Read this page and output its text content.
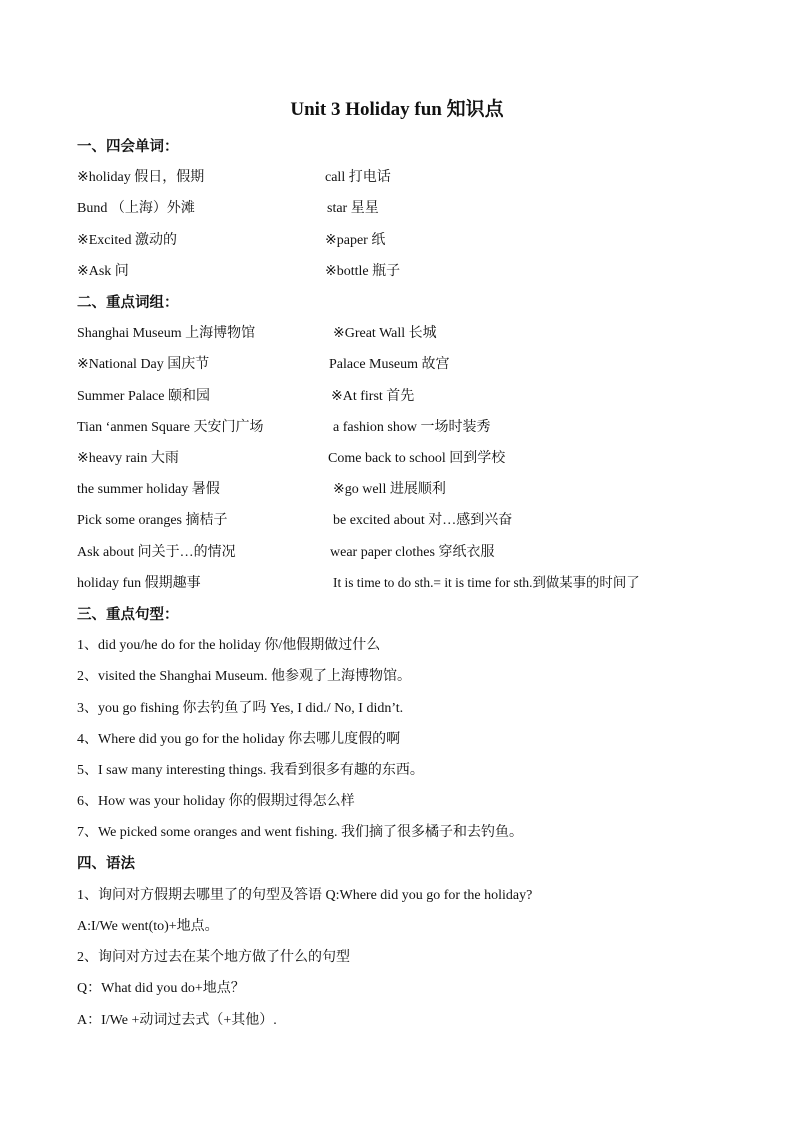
Unit 3 Holiday fun 知识点
一、四会单词：
※holiday 假日，假期	call 打电话
Bund （上海）外滩	star 星星
※Excited 激动的	※paper 纸
※Ask 问	※bottle 瓶子
二、重点词组：
Shanghai Museum 上海博物馆	※Great Wall 长城
※National Day 国庆节	Palace Museum 故宫
Summer Palace 颐和园	※At first 首先
Tian ‘anmen Square 天安门广场	a fashion show 一场时装秀
※heavy rain 大雨	Come back to school 回到学校
the summer holiday 暑假	※go well 进展顺利
Pick some oranges 摘桔子	be excited about 对…感到兴奋
Ask about 问关于…的情况	wear paper clothes 穿纸衣服
holiday fun 假期趣事	It is time to do sth.= it is time for sth.到做某事的时间了
三、重点句型：
1、did you/he do for the holiday 你/他假期做过什么
2、visited the Shanghai Museum. 他参观了上海博物馆。
3、you go fishing 你去钓鱼了吗 Yes, I did./ No, I didn’t.
4、Where did you go for the holiday 你去哪儿度假的啊
5、I saw many interesting things. 我看到很多有趣的东西。
6、How was your holiday 你的假期过得怎么样
7、We picked some oranges and went fishing. 我们摘了很多橘子和去钓鱼。
四、语法
1、询问对方假期去哪里了的句型及答语 Q:Where did you go for the holiday?
A:I/We went(to)+地点。
2、询问对方过去在某个地方做了什么的句型
Q：What did you do+地点？
A：I/We +动词过去式（+其他）.
